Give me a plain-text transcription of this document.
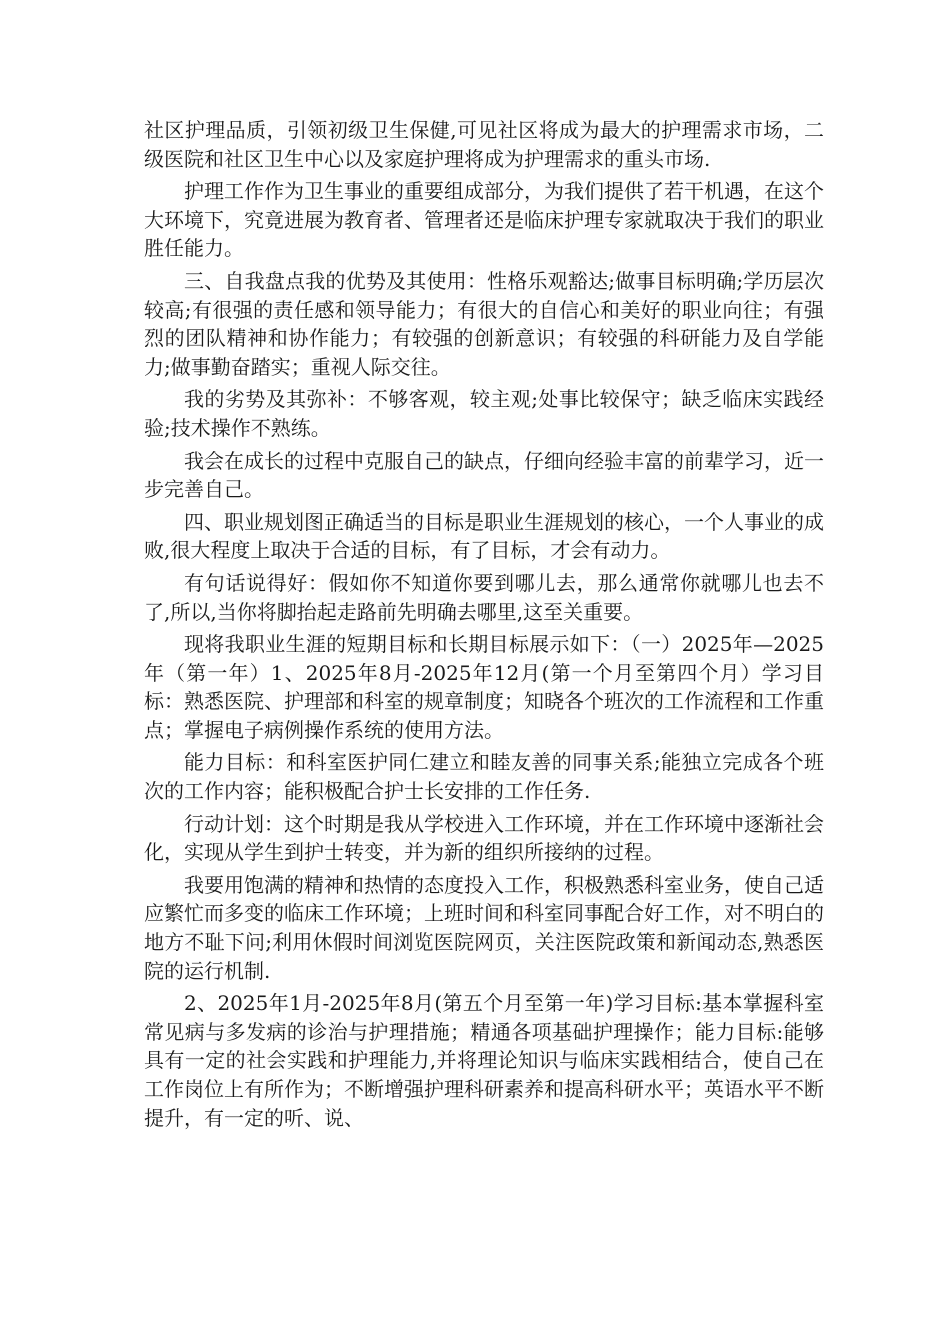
社区护理品质，引领初级卫生保健,可见社区将成为最大的护理需求市场，二级医院和社区卫生中心以及家庭护理将成为护理需求的重头市场.

护理工作作为卫生事业的重要组成部分，为我们提供了若干机遇，在这个大环境下，究竟进展为教育者、管理者还是临床护理专家就取决于我们的职业胜任能力。

三、自我盘点我的优势及其使用：性格乐观豁达;做事目标明确;学历层次较高;有很强的责任感和领导能力；有很大的自信心和美好的职业向往；有强烈的团队精神和协作能力；有较强的创新意识；有较强的科研能力及自学能力;做事勤奋踏实；重视人际交往。

我的劣势及其弥补：不够客观，较主观;处事比较保守；缺乏临床实践经验;技术操作不熟练。

我会在成长的过程中克服自己的缺点，仔细向经验丰富的前辈学习，近一步完善自己。

四、职业规划图正确适当的目标是职业生涯规划的核心，一个人事业的成败,很大程度上取决于合适的目标，有了目标，才会有动力。

有句话说得好：假如你不知道你要到哪儿去，那么通常你就哪儿也去不了,所以,当你将脚抬起走路前先明确去哪里,这至关重要。

现将我职业生涯的短期目标和长期目标展示如下：（一）2025年—2025年（第一年）1、2025年8月-2025年12月(第一个月至第四个月）学习目标：熟悉医院、护理部和科室的规章制度；知晓各个班次的工作流程和工作重点；掌握电子病例操作系统的使用方法。

能力目标：和科室医护同仁建立和睦友善的同事关系;能独立完成各个班次的工作内容；能积极配合护士长安排的工作任务.

行动计划：这个时期是我从学校进入工作环境，并在工作环境中逐渐社会化，实现从学生到护士转变，并为新的组织所接纳的过程。

我要用饱满的精神和热情的态度投入工作，积极熟悉科室业务，使自己适应繁忙而多变的临床工作环境；上班时间和科室同事配合好工作，对不明白的地方不耻下问;利用休假时间浏览医院网页，关注医院政策和新闻动态,熟悉医院的运行机制.

2、2025年1月-2025年8月(第五个月至第一年)学习目标:基本掌握科室常见病与多发病的诊治与护理措施；精通各项基础护理操作；能力目标:能够具有一定的社会实践和护理能力,并将理论知识与临床实践相结合，使自己在工作岗位上有所作为；不断增强护理科研素养和提高科研水平；英语水平不断提升，有一定的听、说、
